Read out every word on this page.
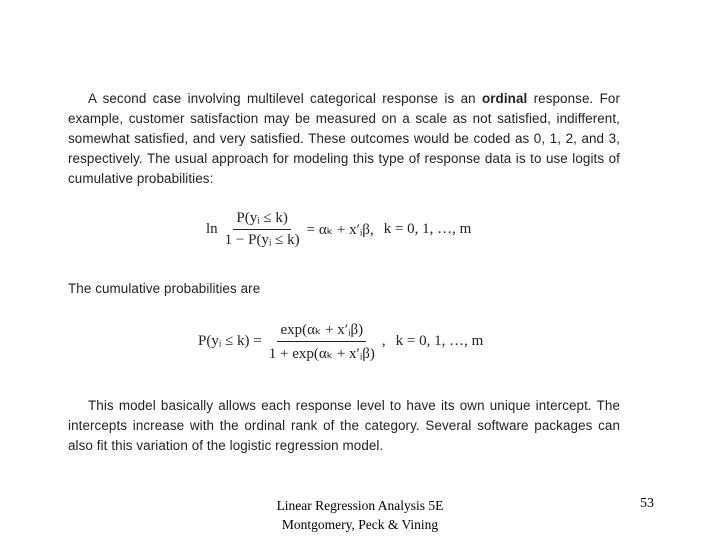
A second case involving multilevel categorical response is an ordinal response. For example, customer satisfaction may be measured on a scale as not satisfied, indifferent, somewhat satisfied, and very satisfied. These outcomes would be coded as 0, 1, 2, and 3, respectively. The usual approach for modeling this type of response data is to use logits of cumulative probabilities:

$\ln \frac{\text{P(yᵢ ≤ k)}}{\text{1 − P(yᵢ ≤ k)}} = \alpha_k$ + x′ᵢβ, k = 0, 1, …, m

The cumulative probabilities are

P(yᵢ ≤ $k) = \frac{\text{exp(αₖ + x′ᵢβ)}}{\text{1 + exp(αₖ + x′ᵢβ)}}$ , k = 0, 1, …, m

This model basically allows each response level to have its own unique intercept. The intercepts increase with the ordinal rank of the category. Several software packages can also fit this variation of the logistic regression model.

Linear Regression Analysis 5E
Montgomery, Peck & Vining
53
